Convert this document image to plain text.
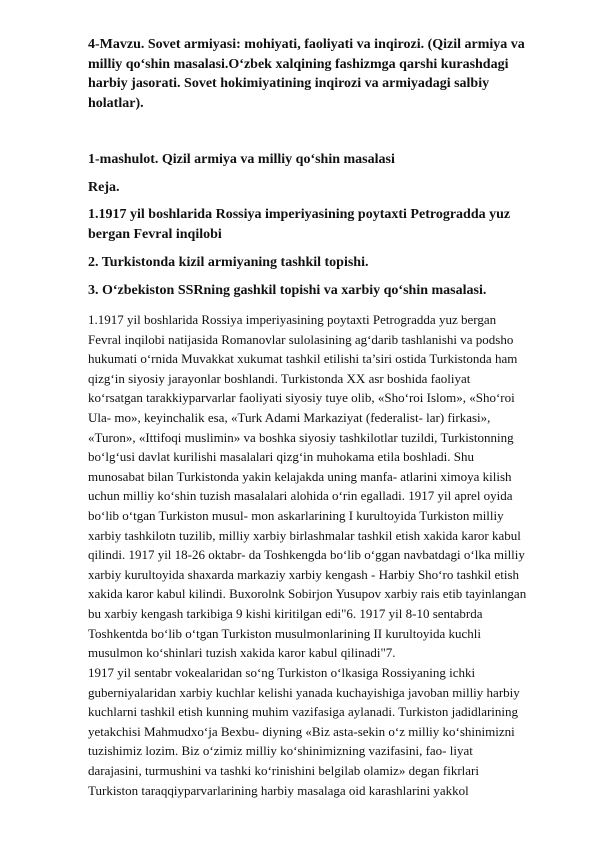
4-Mavzu. Sovet armiyasi: mohiyati, faoliyati va inqirozi. (Qizil armiya va milliy qo‘shin masalasi.O‘zbek xalqining fashizmga qarshi kurashdagi harbiy jasorati. Sovet hokimiyatining inqirozi va armiyadagi salbiy holatlar).

1-mashulot. Qizil armiya va milliy qo‘shin masalasi

Reja.

1.1917 yil boshlarida Rossiya imperiyasining poytaxti Petrogradda yuz bergan Fevral inqilobi

2. Turkistonda kizil armiyaning tashkil topishi.

3. O‘zbekiston SSRning gashkil topishi va xarbiy qo‘shin masalasi.

1.1917 yil boshlarida Rossiya imperiyasining poytaxti Petrogradda yuz bergan Fevral inqilobi natijasida Romanovlar sulolasining ag‘darib tashlanishi va podsho hukumati o‘rnida Muvakkat xukumat tashkil etilishi ta’siri ostida Turkistonda ham qizg‘in siyosiy jarayonlar boshlandi. Turkistonda XX asr boshida faoliyat ko‘rsatgan tarakkiyparvarlar faoliyati siyosiy tuye olib, «Sho‘roi Islom», «Sho‘roi Ula- mo», keyinchalik esa, «Turk Adami Markaziyat (federalist- lar) firkasi», «Turon», «Ittifoqi muslimin» va boshka siyosiy tashkilotlar tuzildi, Turkistonning bo‘lg‘usi davlat kurilishi masalalari qizg‘in muhokama etila boshladi. Shu munosabat bilan Turkistonda yakin kelajakda uning manfa- atlarini ximoya kilish uchun milliy ko‘shin tuzish masalalari alohida o‘rin egalladi. 1917 yil aprel oyida bo‘lib o‘tgan Turkiston musul- mon askarlarining I kurultoyida Turkiston milliy xarbiy tashkilotn tuzilib, milliy xarbiy birlashmalar tashkil etish xakida karor kabul qilindi. 1917 yil 18-26 oktabr- da Toshkengda bo‘lib o‘ggan navbatdagi o‘lka milliy xarbiy kurultoyida shaxarda markaziy xarbiy kengash - Harbiy Sho‘ro tashkil etish xakida karor kabul kilindi. Buxorolnk Sobirjon Yusupov xarbiy rais etib tayinlangan bu xarbiy kengash tarkibiga 9 kishi kiritilgan edi"6. 1917 yil 8-10 sentabrda Toshkentda bo‘lib o‘tgan Turkiston musulmonlarining II kurultoyida kuchli musulmon ko‘shinlari tuzish xakida karor kabul qilinadi"7.

1917 yil sentabr vokealaridan so‘ng Turkiston o‘lkasiga Rossiyaning ichki guberniyalaridan xarbiy kuchlar kelishi yanada kuchayishiga javoban milliy harbiy kuchlarni tashkil etish kunning muhim vazifasiga aylanadi. Turkiston jadidlarining yetakchisi Mahmudxo‘ja Bexbu- diyning «Biz asta-sekin o‘z milliy ko‘shinimizni tuzishimiz lozim. Biz o‘zimiz milliy ko‘shinimizning vazifasini, fao- liyat darajasini, turmushini va tashki ko‘rinishini belgilab olamiz» degan fikrlari Turkiston taraqqiyparvarlarining harbiy masalaga oid karashlarini yakkol
